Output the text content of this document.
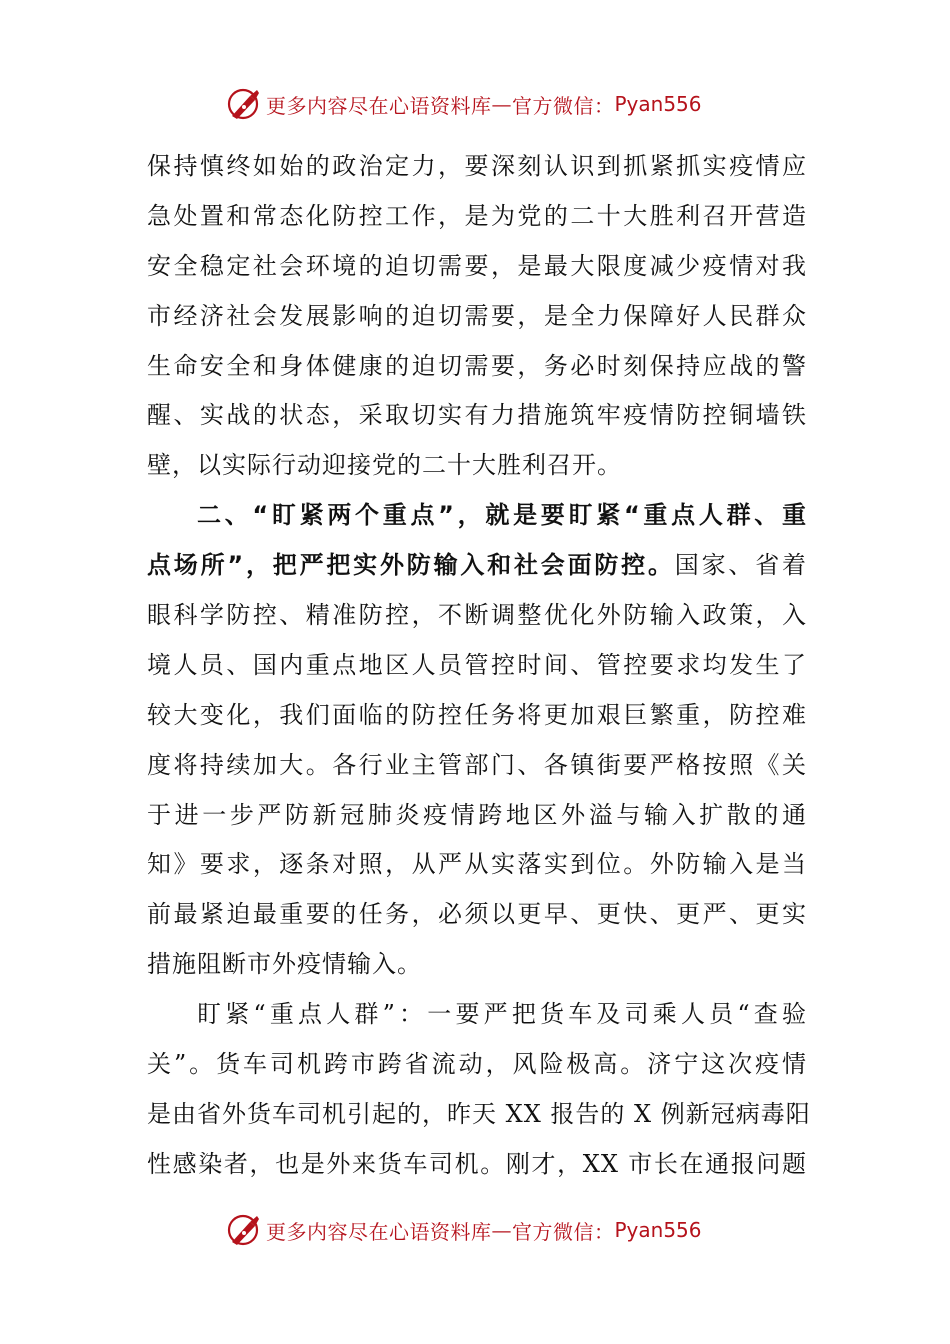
更多内容尽在心语资料库 — 官方微信： Pyan556
保持慎终如始的政治定力，要深刻认识到抓紧抓实疫情应
急处置和常态化防控工作，是为党的二十大胜利召开营造
安全稳定社会环境的迫切需要，是最大限度减少疫情对我
市经济社会发展影响的迫切需要，是全力保障好人民群众
生命安全和身体健康的迫切需要，务必时刻保持应战的警
醒、实战的状态，采取切实有力措施筑牢疫情防控铜墙铁
壁，以实际行动迎接党的二十大胜利召开。
二、“盯紧两个重点”，就是要盯紧“重点人群、重
点场所”，把严把实外防输入和社会面防控。国家、省着
眼科学防控、精准防控，不断调整优化外防输入政策，入
境人员、国内重点地区人员管控时间、管控要求均发生了
较大变化，我们面临的防控任务将更加艰巨繁重，防控难
度将持续加大。各行业主管部门、各镇街要严格按照《关
于进一步严防新冠肺炎疫情跨地区外溢与输入扩散的通
知》要求，逐条对照，从严从实落实到位。外防输入是当
前最紧迫最重要的任务，必须以更早、更快、更严、更实
措施阻断市外疫情输入。
盯紧“重点人群”：一要严把货车及司乘人员“查验
关”。货车司机跨市跨省流动，风险极高。济宁这次疫情
是由省外货车司机引起的，昨天 XX 报告的 X 例新冠病毒阳
性感染者，也是外来货车司机。刚才，XX 市长在通报问题
更多内容尽在心语资料库 — 官方微信： Pyan556
